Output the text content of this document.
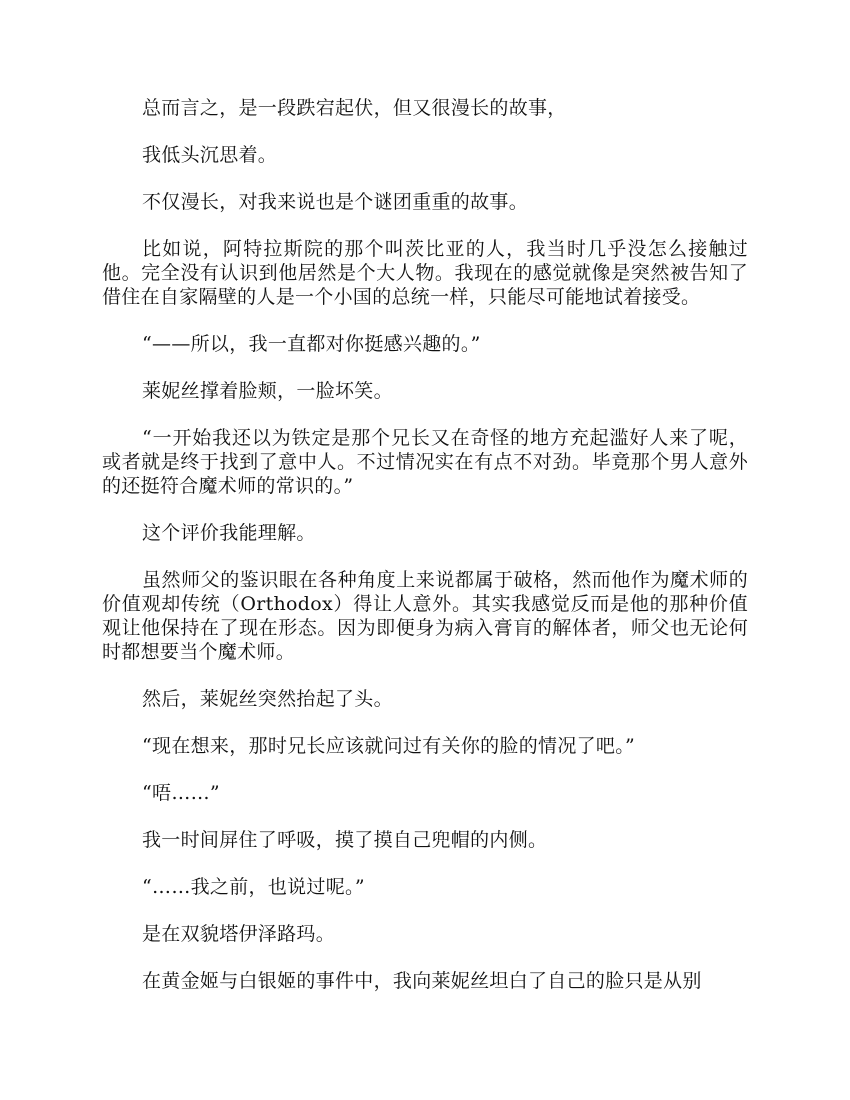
总而言之，是一段跌宕起伏，但又很漫长的故事，

我低头沉思着。

不仅漫长，对我来说也是个谜团重重的故事。

比如说，阿特拉斯院的那个叫茨比亚的人，我当时几乎没怎么接触过他。完全没有认识到他居然是个大人物。我现在的感觉就像是突然被告知了借住在自家隔壁的人是一个小国的总统一样，只能尽可能地试着接受。

“——所以，我一直都对你挺感兴趣的。”

莱妮丝撑着脸颊，一脸坏笑。

“一开始我还以为铁定是那个兄长又在奇怪的地方充起滥好人来了呢，或者就是终于找到了意中人。不过情况实在有点不对劲。毕竟那个男人意外的还挺符合魔术师的常识的。”

这个评价我能理解。

虽然师父的鉴识眼在各种角度上来说都属于破格，然而他作为魔术师的价值观却传统（Orthodox）得让人意外。其实我感觉反而是他的那种价值观让他保持在了现在形态。因为即便身为病入膏肓的解体者，师父也无论何时都想要当个魔术师。

然后，莱妮丝突然抬起了头。

“现在想来，那时兄长应该就问过有关你的脸的情况了吧。”

“唔……”

我一时间屏住了呼吸，摸了摸自己兜帽的内侧。

“……我之前，也说过呢。”

是在双貌塔伊泽路玛。

在黄金姬与白银姬的事件中，我向莱妮丝坦白了自己的脸只是从别
